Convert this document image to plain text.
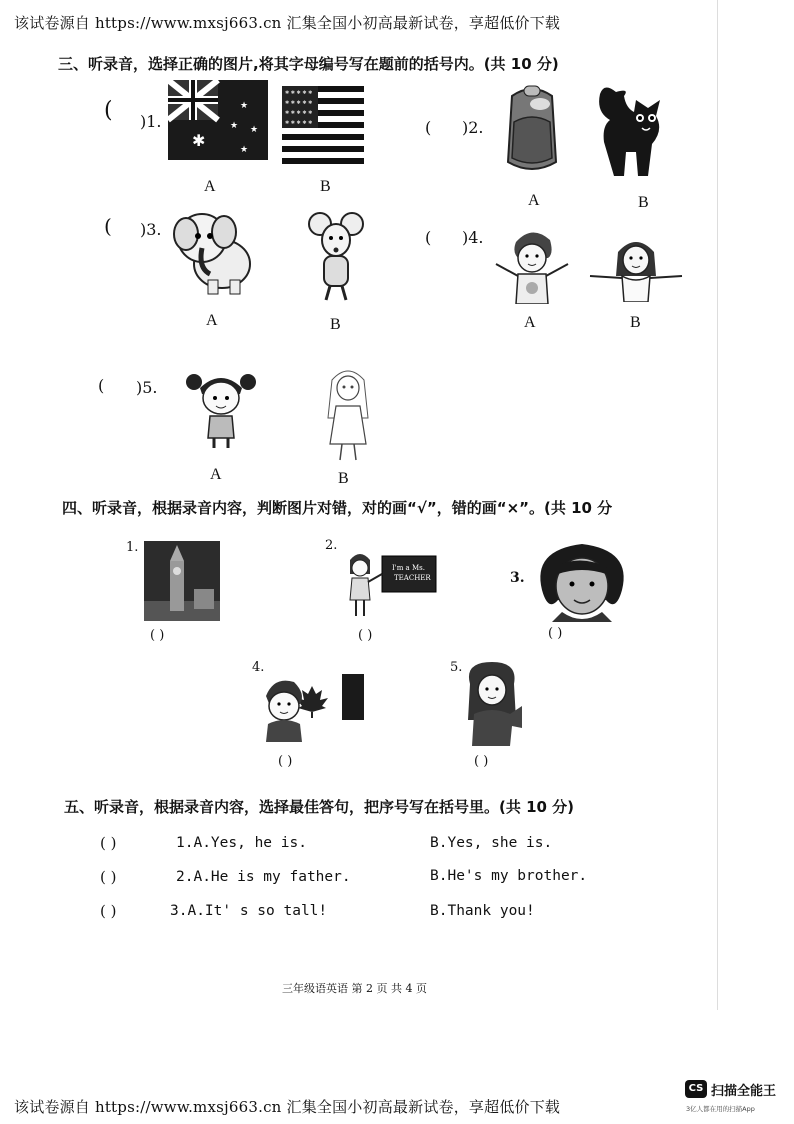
该试卷源自 https://www.mxsj663.cn 汇集全国小初高最新试卷，享超低价下载
三、听录音，选择正确的图片,将其字母编号写在题前的括号内。(共 10 分)
( )1.
✱
★
★ ★
★
✱ ✱ ✱ ✱ ✱
✱ ✱ ✱ ✱ ✱
✱ ✱ ✱ ✱ ✱
✱ ✱ ✱ ✱ ✱
A	B
( )2.
A	B
( )3.
A	B
( )4.
A	B
( )5.
A	B
四、听录音，根据录音内容，判断图片对错，对的画“√”，错的画“×”。(共 10 分
1.
( )
2.
I'm a Ms.
TEACHER
( )
3.
( )
4.
( )
5.
( )
五、听录音，根据录音内容，选择最佳答句，把序号写在括号里。(共 10 分)
( )	1.A.Yes, he is.	B.Yes, she is.
( )	2.A.He is my father.	B.He's my brother.
( )	3.A.It' s so tall!	B.Thank you!
三年级语英语 第 2 页 共 4 页
该试卷源自 https://www.mxsj663.cn 汇集全国小初高最新试卷，享超低价下载
CS 扫描全能王
3亿人都在用的扫描App
